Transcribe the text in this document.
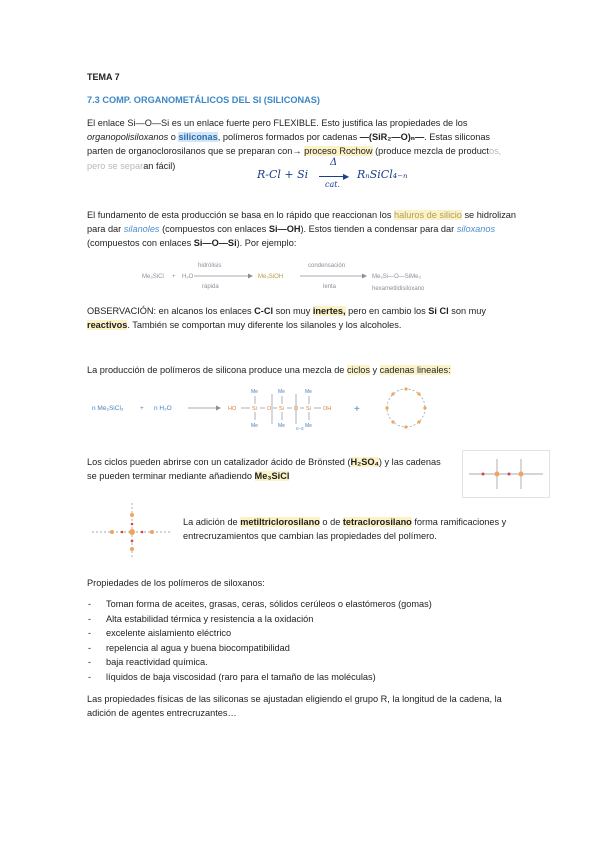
TEMA 7
7.3 COMP. ORGANOMETÁLICOS DEL SI (SILICONAS)
El enlace Si—O—Si es un enlace fuerte pero FLEXIBLE. Esto justifica las propiedades de los organopolisiloxanos o siliconas, polímeros formados por cadenas —(SiR₂—O)ₙ—. Estas siliconas parten de organoclorosilanos que se preparan con→ proceso Rochow (produce mezcla de productos, pero se separan fácil)
R-Cl + Si
Δ
▶
cat.
RₙSiCl₄₋ₙ
El fundamento de esta producción se basa en lo rápido que reaccionan los haluros de silicio se hidrolizan para dar silanoles (compuestos con enlaces Si—OH). Estos tienden a condensar para dar siloxanos (compuestos con enlaces Si—O—Si). Por ejemplo:
Me₃SiCl + H₂O
hidrólisis
rápida
Me₃SiOH
condensación
lenta
Me₃Si—O—SiMe₃
hexametildisiloxano
OBSERVACIÓN: en alcanos los enlaces C-Cl son muy inertes, pero en cambio los Si Cl son muy reactivos. También se comportan muy diferente los silanoles y los alcoholes.
La producción de polímeros de silicona produce una mezcla de ciclos y cadenas lineales:
n Me₂SiCl₂	+ n H₂O	HO	Si O Si O Si OH
Me
Me
Me
Me
Me
Me
n−2
+
Los ciclos pueden abrirse con un catalizador ácido de Brönsted (H₂SO₄) y las cadenas se pueden terminar mediante añadiendo Me₃SiCl
La adición de metiltriclorosilano o de tetraclorosilano forma ramificaciones y entrecruzamientos que cambian las propiedades del polímero.
Propiedades de los polímeros de siloxanos:
- Toman forma de aceites, grasas, ceras, sólidos cerúleos o elastómeros (gomas)
- Alta estabilidad térmica y resistencia a la oxidación
- excelente aislamiento eléctrico
- repelencia al agua y buena biocompatibilidad
- baja reactividad química.
- líquidos de baja viscosidad (raro para el tamaño de las moléculas)
Las propiedades físicas de las siliconas se ajustadan eligiendo el grupo R, la longitud de la cadena, la adición de agentes entrecruzantes…
